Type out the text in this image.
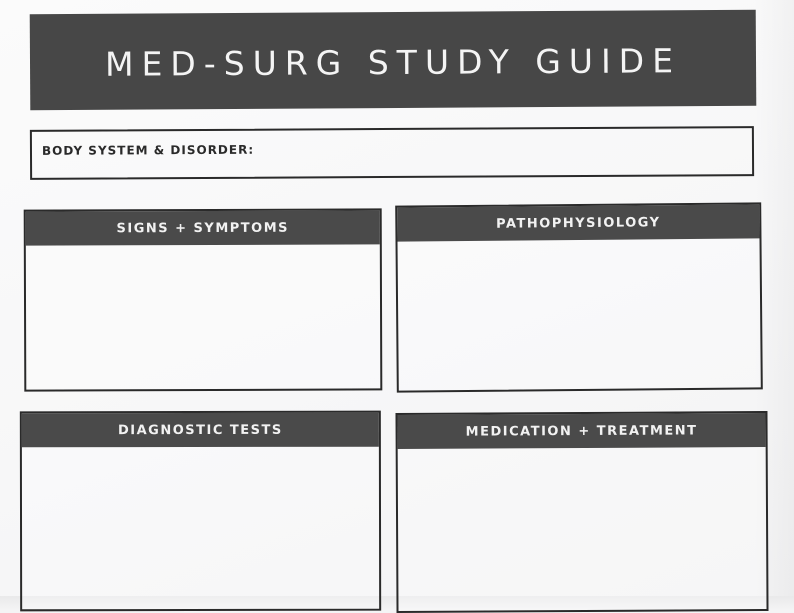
MED-SURG STUDY GUIDE
BODY SYSTEM & DISORDER:
SIGNS + SYMPTOMS	PATHOPHYSIOLOGY
DIAGNOSTIC TESTS	MEDICATION + TREATMENT
